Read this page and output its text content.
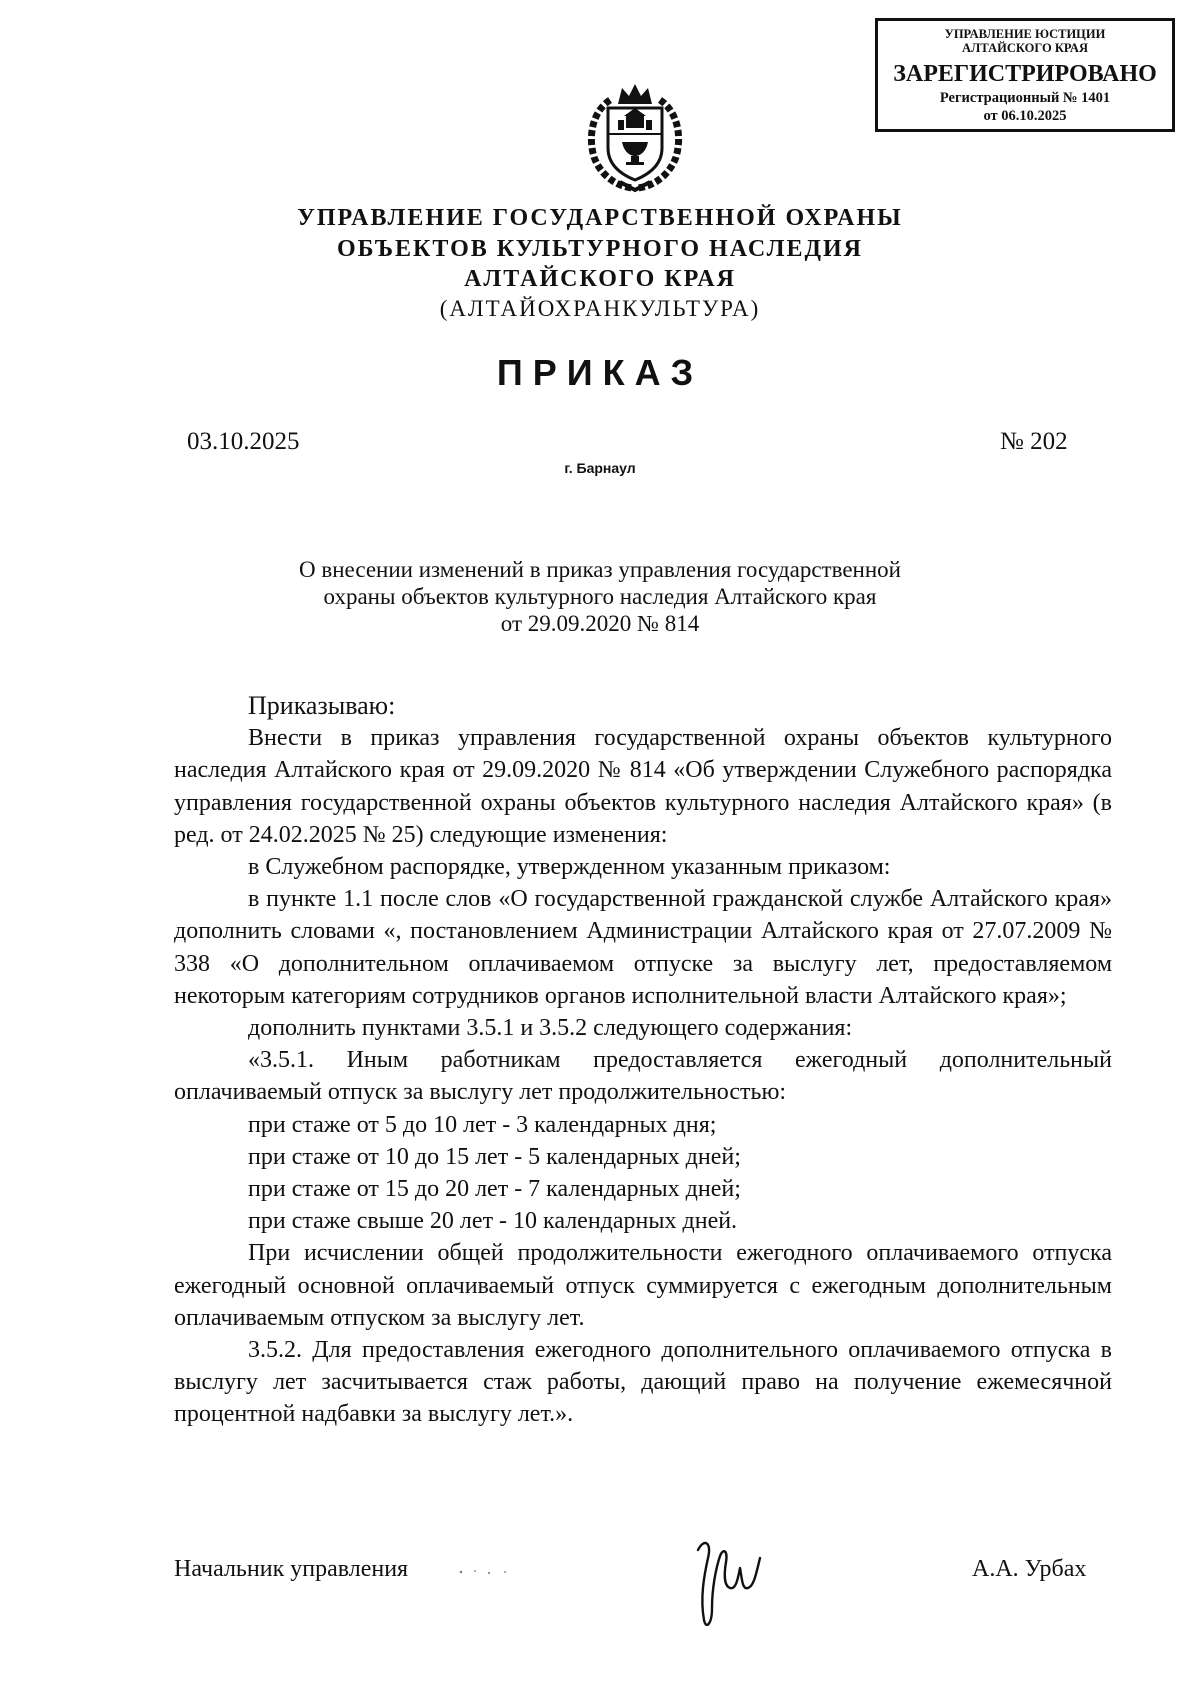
УПРАВЛЕНИЕ ЮСТИЦИИ
АЛТАЙСКОГО КРАЯ
ЗАРЕГИСТРИРОВАНО
Регистрационный № 1401
от 06.10.2025
УПРАВЛЕНИЕ ГОСУДАРСТВЕННОЙ ОХРАНЫ
ОБЪЕКТОВ КУЛЬТУРНОГО НАСЛЕДИЯ
АЛТАЙСКОГО КРАЯ
(АЛТАЙОХРАНКУЛЬТУРА)
ПРИКАЗ
03.10.2025	№ 202
г. Барнаул
О внесении изменений в приказ управления государственной
охраны объектов культурного наследия Алтайского края
от 29.09.2020 № 814

Приказываю:

Внести в приказ управления государственной охраны объектов культурного наследия Алтайского края от 29.09.2020 № 814 «Об утверждении Служебного распорядка управления государственной охраны объектов культурного наследия Алтайского края» (в ред. от 24.02.2025 № 25) следующие изменения:

в Служебном распорядке, утвержденном указанным приказом:

в пункте 1.1 после слов «О государственной гражданской службе Алтайского края» дополнить словами «, постановлением Администрации Алтайского края от 27.07.2009 № 338 «О дополнительном оплачиваемом отпуске за выслугу лет, предоставляемом некоторым категориям сотрудников органов исполнительной власти Алтайского края»;

дополнить пунктами 3.5.1 и 3.5.2 следующего содержания:

«3.5.1. Иным работникам предоставляется ежегодный дополнительный оплачиваемый отпуск за выслугу лет продолжительностью:

при стаже от 5 до 10 лет - 3 календарных дня;

при стаже от 10 до 15 лет - 5 календарных дней;

при стаже от 15 до 20 лет - 7 календарных дней;

при стаже свыше 20 лет - 10 календарных дней.

При исчислении общей продолжительности ежегодного оплачиваемого отпуска ежегодный основной оплачиваемый отпуск суммируется с ежегодным дополнительным оплачиваемым отпуском за выслугу лет.

3.5.2. Для предоставления ежегодного дополнительного оплачиваемого отпуска в выслугу лет засчитывается стаж работы, дающий право на получение ежемесячной процентной надбавки за выслугу лет.».

Начальник управления	А.А. Урбах
